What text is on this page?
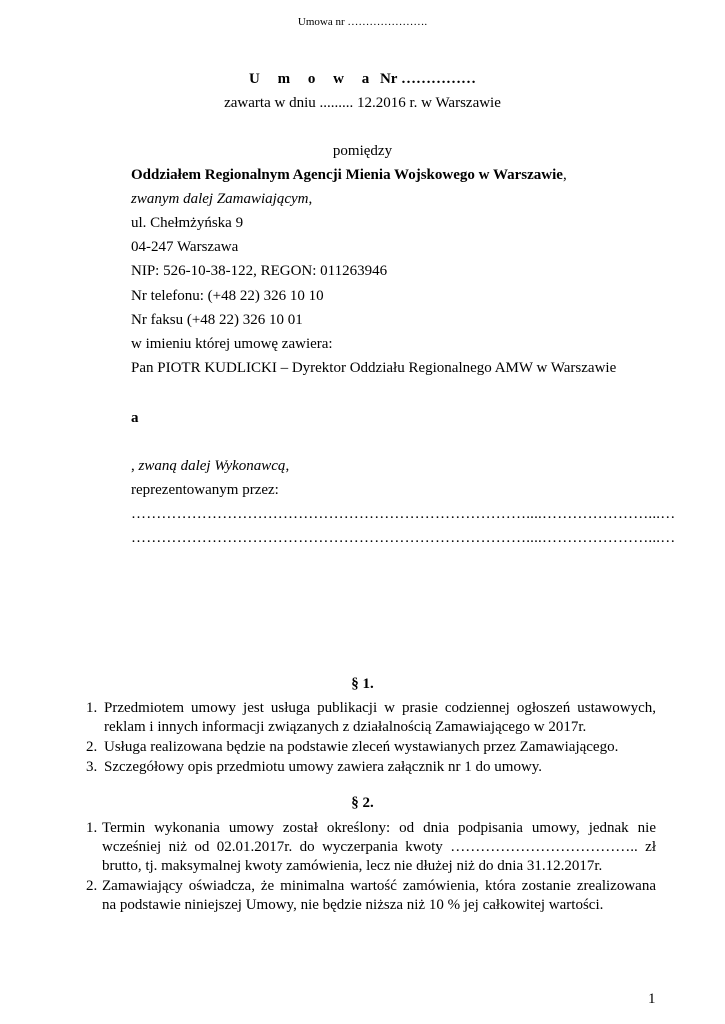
Umowa nr ………………….
U m o w a Nr ……………
zawarta w dniu ......... 12.2016 r. w Warszawie
pomiędzy
Oddziałem Regionalnym Agencji Mienia Wojskowego w Warszawie,
zwanym dalej Zamawiającym,
ul. Chełmżyńska 9
04-247 Warszawa
NIP: 526-10-38-122, REGON: 011263946
Nr telefonu: (+48 22) 326 10 10
Nr faksu (+48 22) 326 10 01
w imieniu której umowę zawiera:
Pan PIOTR KUDLICKI – Dyrektor Oddziału Regionalnego AMW w Warszawie
a
, zwaną dalej Wykonawcą,
reprezentowanym przez:
……………………………………………………………………....…………………...…
……………………………………………………………………....…………………...…
§ 1.
1. Przedmiotem umowy jest usługa publikacji w prasie codziennej ogłoszeń ustawowych, reklam i innych informacji związanych z działalnością Zamawiającego w 2017r.
2. Usługa realizowana będzie na podstawie zleceń wystawianych przez Zamawiającego.
3. Szczegółowy opis przedmiotu umowy zawiera załącznik nr 1 do umowy.
§ 2.
1. Termin wykonania umowy został określony: od dnia podpisania umowy, jednak nie wcześniej niż od 02.01.2017r. do wyczerpania kwoty ……………………………….. zł brutto, tj. maksymalnej kwoty zamówienia, lecz nie dłużej niż do dnia 31.12.2017r.
2. Zamawiający oświadcza, że minimalna wartość zamówienia, która zostanie zrealizowana na podstawie niniejszej Umowy, nie będzie niższa niż 10 % jej całkowitej wartości.
1
